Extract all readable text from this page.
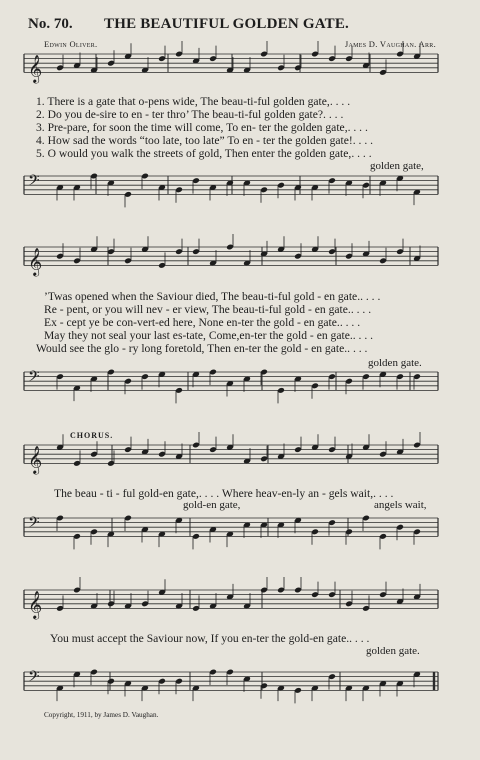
No. 70. THE BEAUTIFUL GOLDEN GATE.
Edwin Oliver.	James D. Vaughan. Arr.
𝄞
𝄢
𝄞
𝄢
𝄞
𝄢
𝄞
𝄢
1. There is a gate that o-pens wide, The beau-ti-ful golden gate,. . . .
2. Do you de-sire to en - ter thro’ The beau-ti-ful golden gate?. . . .
3. Pre-pare, for soon the time will come, To en- ter the golden gate,. . . .
4. How sad the words “too late, too late” To en - ter the golden gate!. . . .
5. O would you walk the streets of gold, Then enter the golden gate,. . . .
golden gate,
’Twas opened when the Saviour died, The beau-ti-ful gold - en gate.. . . .
Re - pent, or you will nev - er view, The beau-ti-ful gold - en gate.. . . .
Ex - cept ye be con-vert-ed here, None en-ter the gold - en gate.. . . .
May they not seal your last es-tate, Come,en-ter the gold - en gate.. . . .
Would see the glo - ry long foretold, Then en-ter the gold - en gate.. . . .
golden gate.
CHORUS.
The beau - ti - ful gold-en gate,. . . . Where heav-en-ly an - gels wait,. . . .
gold-en gate,	angels wait,
You must accept the Saviour now, If you en-ter the gold-en gate.. . . .
golden gate.
Copyright, 1911, by James D. Vaughan.
